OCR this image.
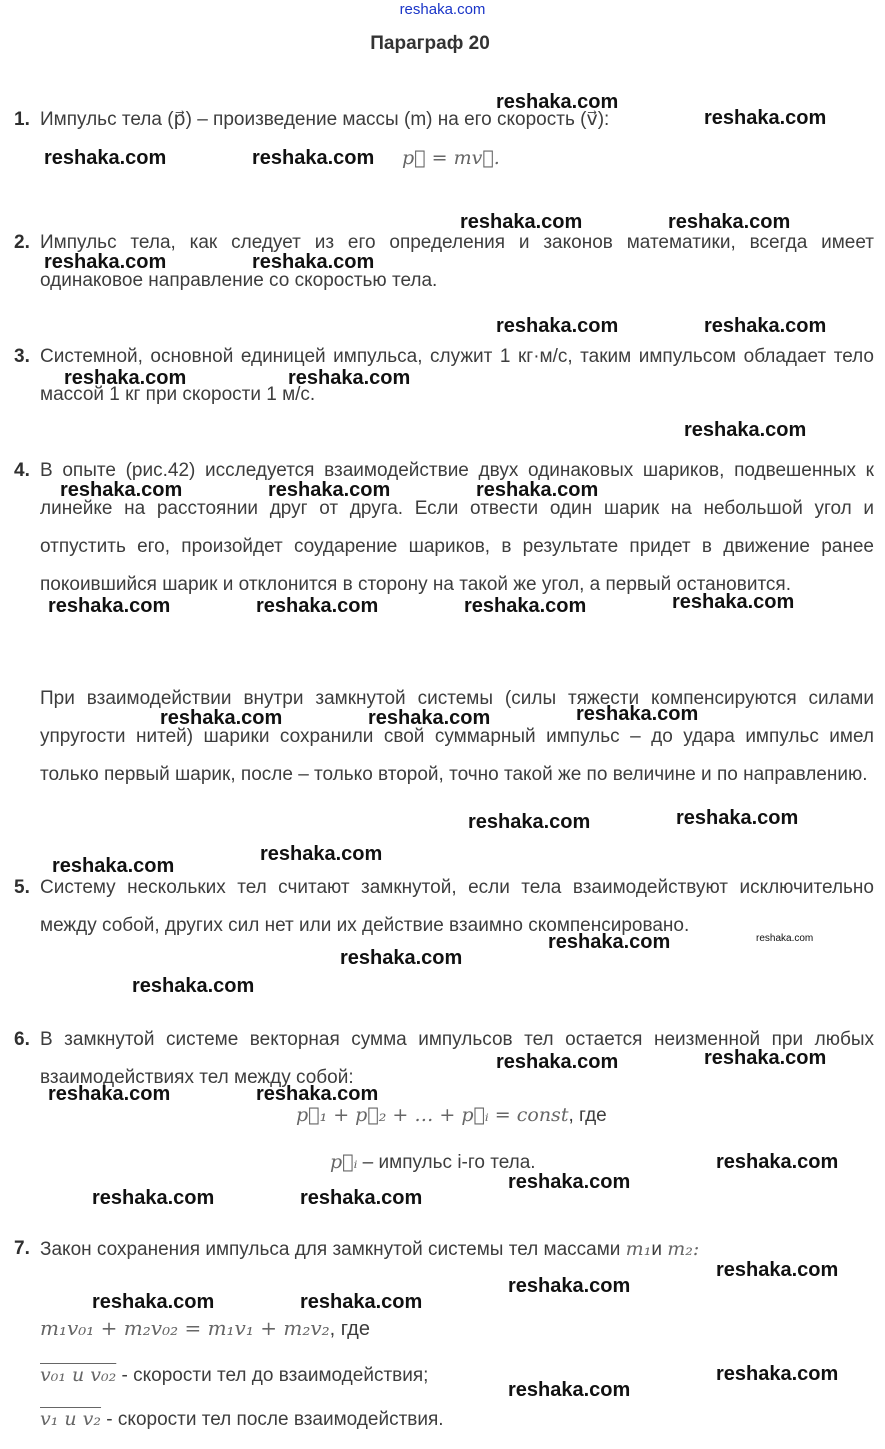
reshaka.com
Параграф 20
1. Импульс тела (p⃗) – произведение массы (m) на его скорость (v⃗):
p⃗ = mv⃗.
2. Импульс тела, как следует из его определения и законов математики, всегда имеет одинаковое направление со скоростью тела.
3. Системной, основной единицей импульса, служит 1 кг·м/с, таким импульсом обладает тело массой 1 кг при скорости 1 м/с.
4. В опыте (рис.42) исследуется взаимодействие двух одинаковых шариков, подвешенных к линейке на расстоянии друг от друга. Если отвести один шарик на небольшой угол и отпустить его, произойдет соударение шариков, в результате придет в движение ранее покоившийся шарик и отклонится в сторону на такой же угол, а первый остановится.
При взаимодействии внутри замкнутой системы (силы тяжести компенсируются силами упругости нитей) шарики сохранили свой суммарный импульс – до удара импульс имел только первый шарик, после – только второй, точно такой же по величине и по направлению.
5. Систему нескольких тел считают замкнутой, если тела взаимодействуют исключительно между собой, других сил нет или их действие взаимно скомпенсировано.
6. В замкнутой системе векторная сумма импульсов тел остается неизменной при любых взаимодействиях тел между собой:
p⃗₁ + p⃗₂ + … + p⃗ᵢ = const, где
p⃗ᵢ – импульс i-го тела.
7. Закон сохранения импульса для замкнутой системы тел массами m₁и m₂:
m₁v₀₁ + m₂v₀₂ = m₁v₁ + m₂v₂, где
v₀₁ и v₀₂ - скорости тел до взаимодействия;
v₁ и v₂ - скорости тел после взаимодействия.
reshaka.com
reshaka.com
reshaka.com	reshaka.com
reshaka.com	reshaka.com
reshaka.com	reshaka.com
reshaka.com	reshaka.com
reshaka.com	reshaka.com
reshaka.com
reshaka.com	reshaka.com	reshaka.com
reshaka.com
reshaka.com	reshaka.com	reshaka.com
reshaka.com
reshaka.com	reshaka.com
reshaka.com
reshaka.com
reshaka.com
reshaka.com
reshaka.com	reshaka.com
reshaka.com
reshaka.com
reshaka.com
reshaka.com
reshaka.com	reshaka.com
reshaka.com
reshaka.com
reshaka.com	reshaka.com
reshaka.com
reshaka.com
reshaka.com	reshaka.com
reshaka.com
reshaka.com
